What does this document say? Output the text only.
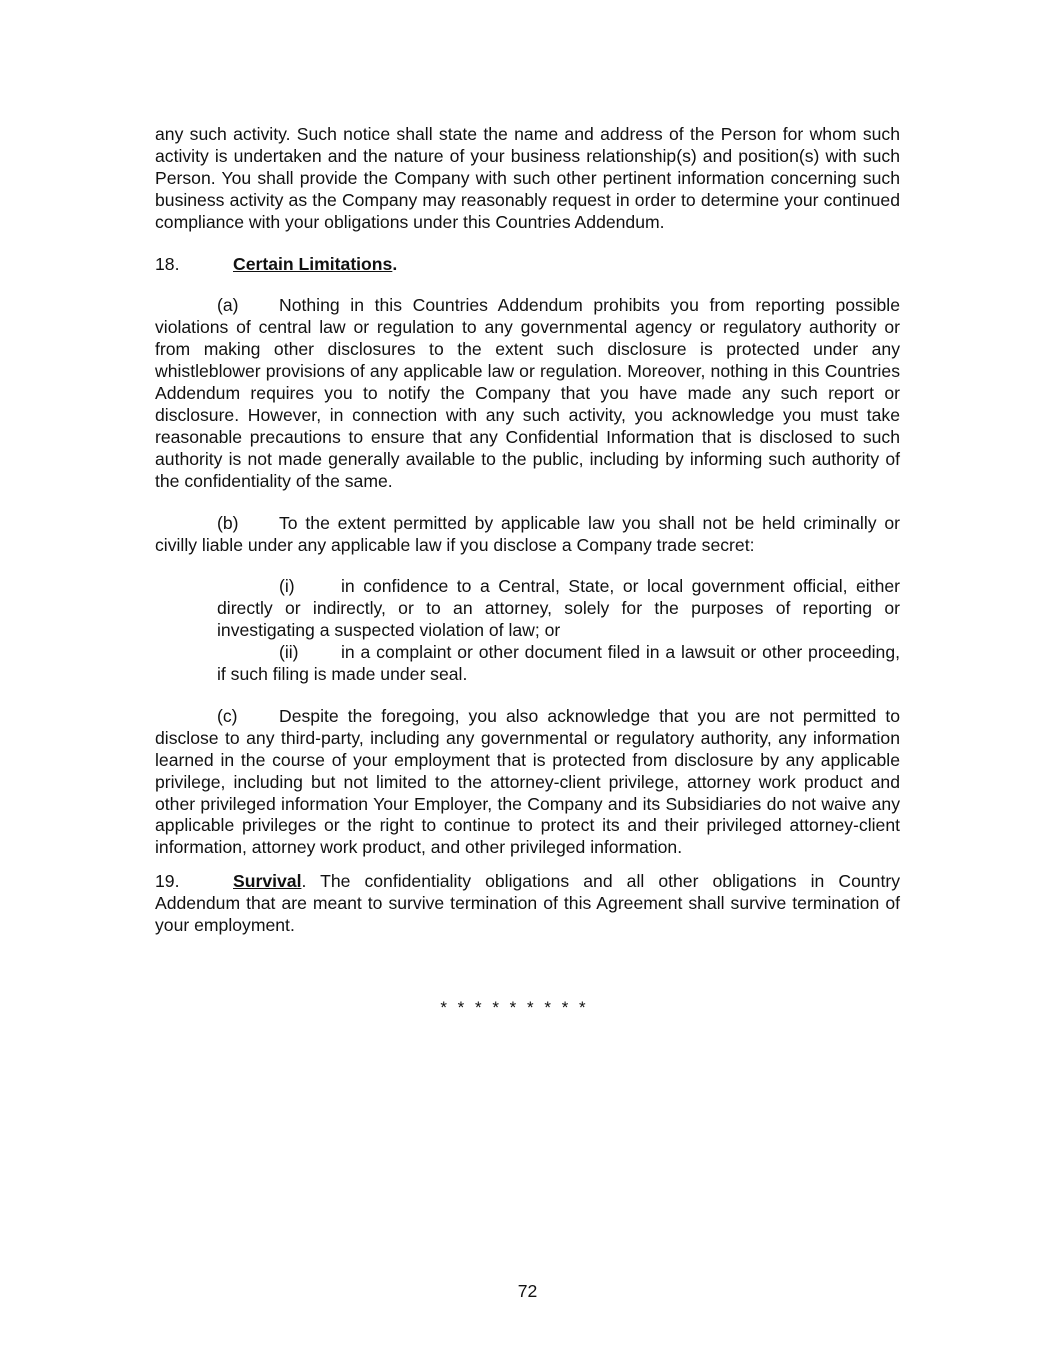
any such activity. Such notice shall state the name and address of the Person for whom such activity is undertaken and the nature of your business relationship(s) and position(s) with such Person. You shall provide the Company with such other pertinent information concerning such business activity as the Company may reasonably request in order to determine your continued compliance with your obligations under this Countries Addendum.

18.	Certain Limitations.

(a) Nothing in this Countries Addendum prohibits you from reporting possible violations of central law or regulation to any governmental agency or regulatory authority or from making other disclosures to the extent such disclosure is protected under any whistleblower provisions of any applicable law or regulation. Moreover, nothing in this Countries Addendum requires you to notify the Company that you have made any such report or disclosure. However, in connection with any such activity, you acknowledge you must take reasonable precautions to ensure that any Confidential Information that is disclosed to such authority is not made generally available to the public, including by informing such authority of the confidentiality of the same.

(b) To the extent permitted by applicable law you shall not be held criminally or civilly liable under any applicable law if you disclose a Company trade secret:

(i)	in confidence to a Central, State, or local government official, either directly or indirectly, or to an attorney, solely for the purposes of reporting or investigating a suspected violation of law; or

(ii) in a complaint or other document filed in a lawsuit or other proceeding, if such filing is made under seal.

(c) Despite the foregoing, you also acknowledge that you are not permitted to disclose to any third-party, including any governmental or regulatory authority, any information learned in the course of your employment that is protected from disclosure by any applicable privilege, including but not limited to the attorney-client privilege, attorney work product and other privileged information Your Employer, the Company and its Subsidiaries do not waive any applicable privileges or the right to continue to protect its and their privileged attorney-client information, attorney work product, and other privileged information.

19.	Survival. The confidentiality obligations and all other obligations in Country Addendum that are meant to survive termination of this Agreement shall survive termination of your employment.

* * * * * * * * *
72
